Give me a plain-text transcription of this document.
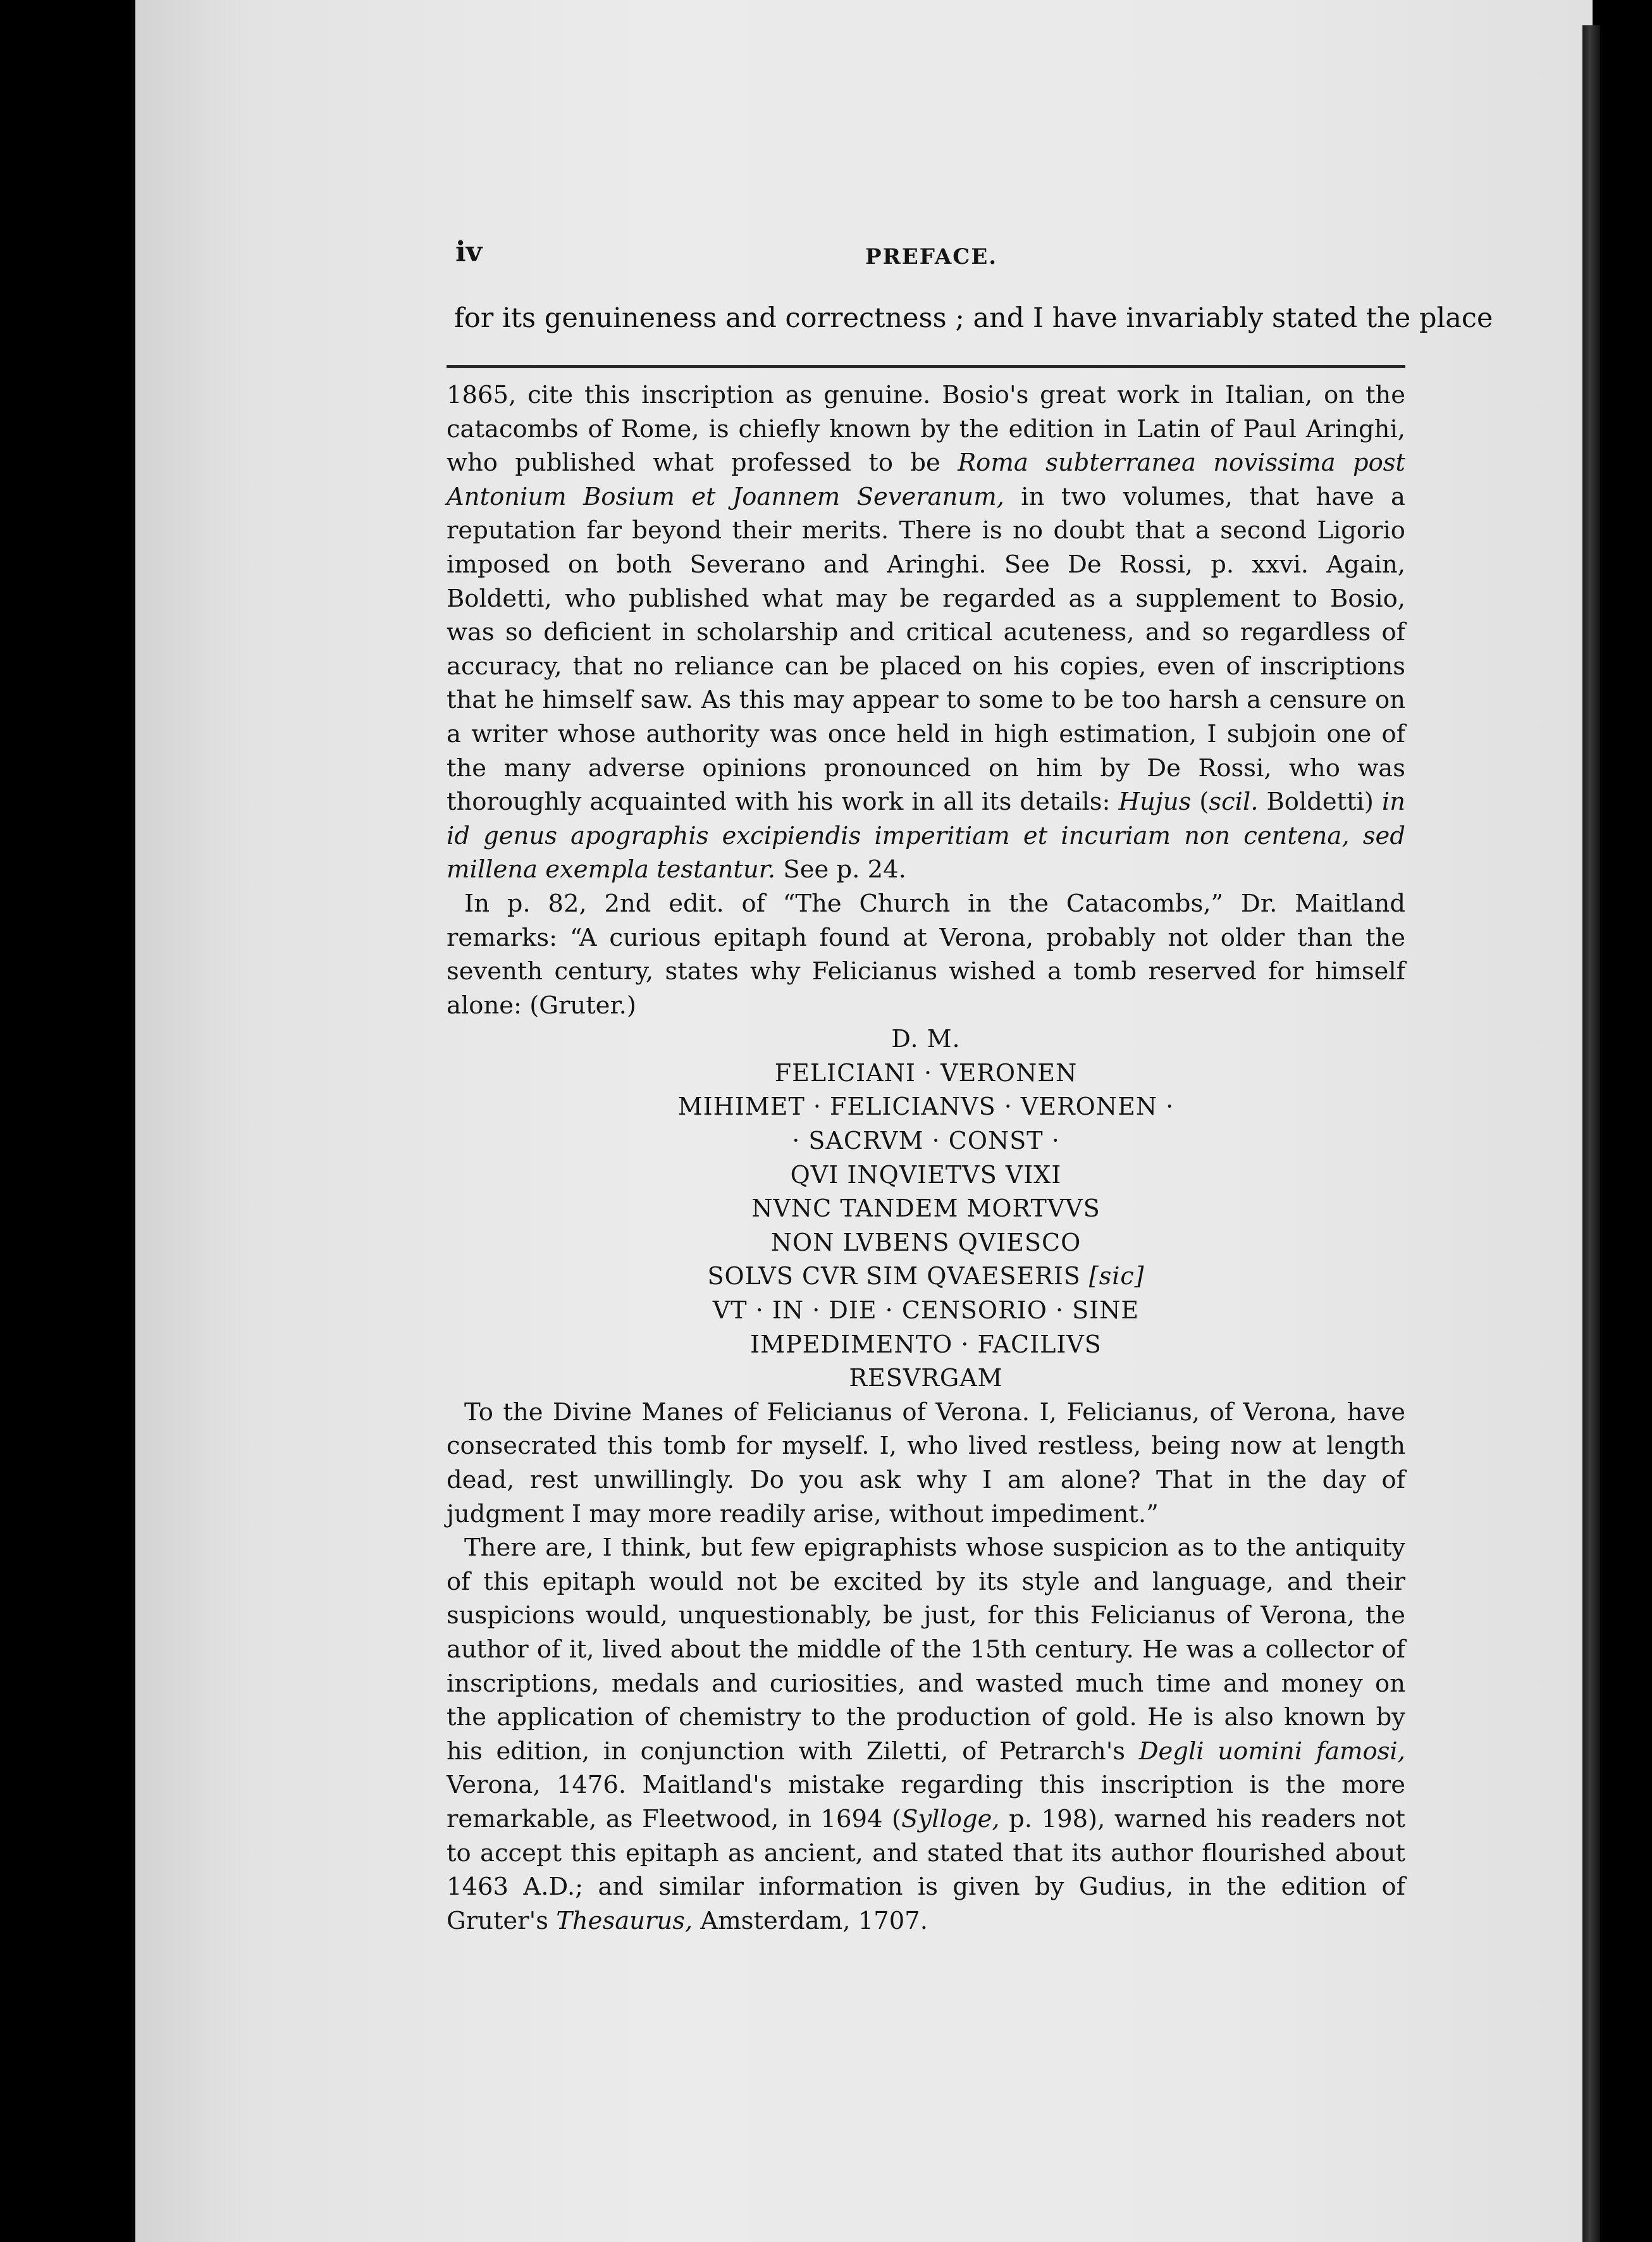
iv	PREFACE.
for its genuineness and correctness ; and I have invariably stated the place

1865, cite this inscription as genuine. Bosio's great work in Italian, on the catacombs of Rome, is chiefly known by the edition in Latin of Paul Aringhi, who published what professed to be Roma subterranea novissima post Antonium Bosium et Joannem Severanum, in two volumes, that have a reputation far beyond their merits. There is no doubt that a second Ligorio imposed on both Severano and Aringhi. See De Rossi, p. xxvi. Again, Boldetti, who published what may be regarded as a supplement to Bosio, was so deficient in scholarship and critical acuteness, and so regardless of accuracy, that no reliance can be placed on his copies, even of inscriptions that he himself saw. As this may appear to some to be too harsh a censure on a writer whose authority was once held in high estimation, I subjoin one of the many adverse opinions pronounced on him by De Rossi, who was thoroughly acquainted with his work in all its details: Hujus (scil. Boldetti) in id genus apographis excipiendis imperitiam et incuriam non centena, sed millena exempla testantur. See p. 24.

In p. 82, 2nd edit. of “The Church in the Catacombs,” Dr. Maitland remarks: “A curious epitaph found at Verona, probably not older than the seventh century, states why Felicianus wished a tomb reserved for himself alone: (Gruter.)

D. M.
FELICIANI · VERONEN
MIHIMET · FELICIANVS · VERONEN ·
· SACRVM · CONST ·
QVI INQVIETVS VIXI
NVNC TANDEM MORTVVS
NON LVBENS QVIESCO
SOLVS CVR SIM QVAESERIS [sic]
VT · IN · DIE · CENSORIO · SINE
IMPEDIMENTO · FACILIVS
RESVRGAM

To the Divine Manes of Felicianus of Verona. I, Felicianus, of Verona, have consecrated this tomb for myself. I, who lived restless, being now at length dead, rest unwillingly. Do you ask why I am alone? That in the day of judgment I may more readily arise, without impediment.”

There are, I think, but few epigraphists whose suspicion as to the antiquity of this epitaph would not be excited by its style and language, and their suspicions would, unquestionably, be just, for this Felicianus of Verona, the author of it, lived about the middle of the 15th century. He was a collector of inscriptions, medals and curiosities, and wasted much time and money on the application of chemistry to the production of gold. He is also known by his edition, in conjunction with Ziletti, of Petrarch's Degli uomini famosi, Verona, 1476. Maitland's mistake regarding this inscription is the more remarkable, as Fleetwood, in 1694 (Sylloge, p. 198), warned his readers not to accept this epitaph as ancient, and stated that its author flourished about 1463 A.D.; and similar information is given by Gudius, in the edition of Gruter's Thesaurus, Amsterdam, 1707.
